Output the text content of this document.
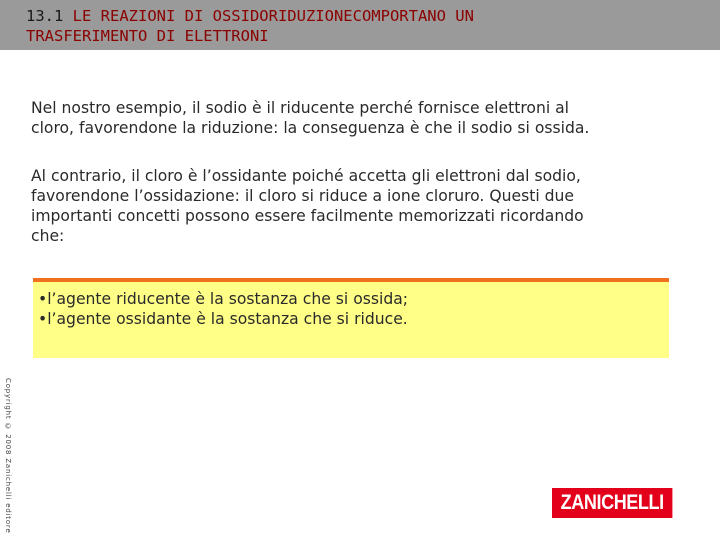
13.1 LE REAZIONI DI OSSIDORIDUZIONECOMPORTANO UN
TRASFERIMENTO DI ELETTRONI

Nel nostro esempio, il sodio è il riducente perché fornisce elettroni al
cloro, favorendone la riduzione: la conseguenza è che il sodio si ossida.

Al contrario, il cloro è l’ossidante poiché accetta gli elettroni dal sodio,
favorendone l’ossidazione: il cloro si riduce a ione cloruro. Questi due
importanti concetti possono essere facilmente memorizzati ricordando
che:

•l’agente riducente è la sostanza che si ossida;
•l’agente ossidante è la sostanza che si riduce.
Copyright © 2008 Zanichelli editore	ZANICHELLI
